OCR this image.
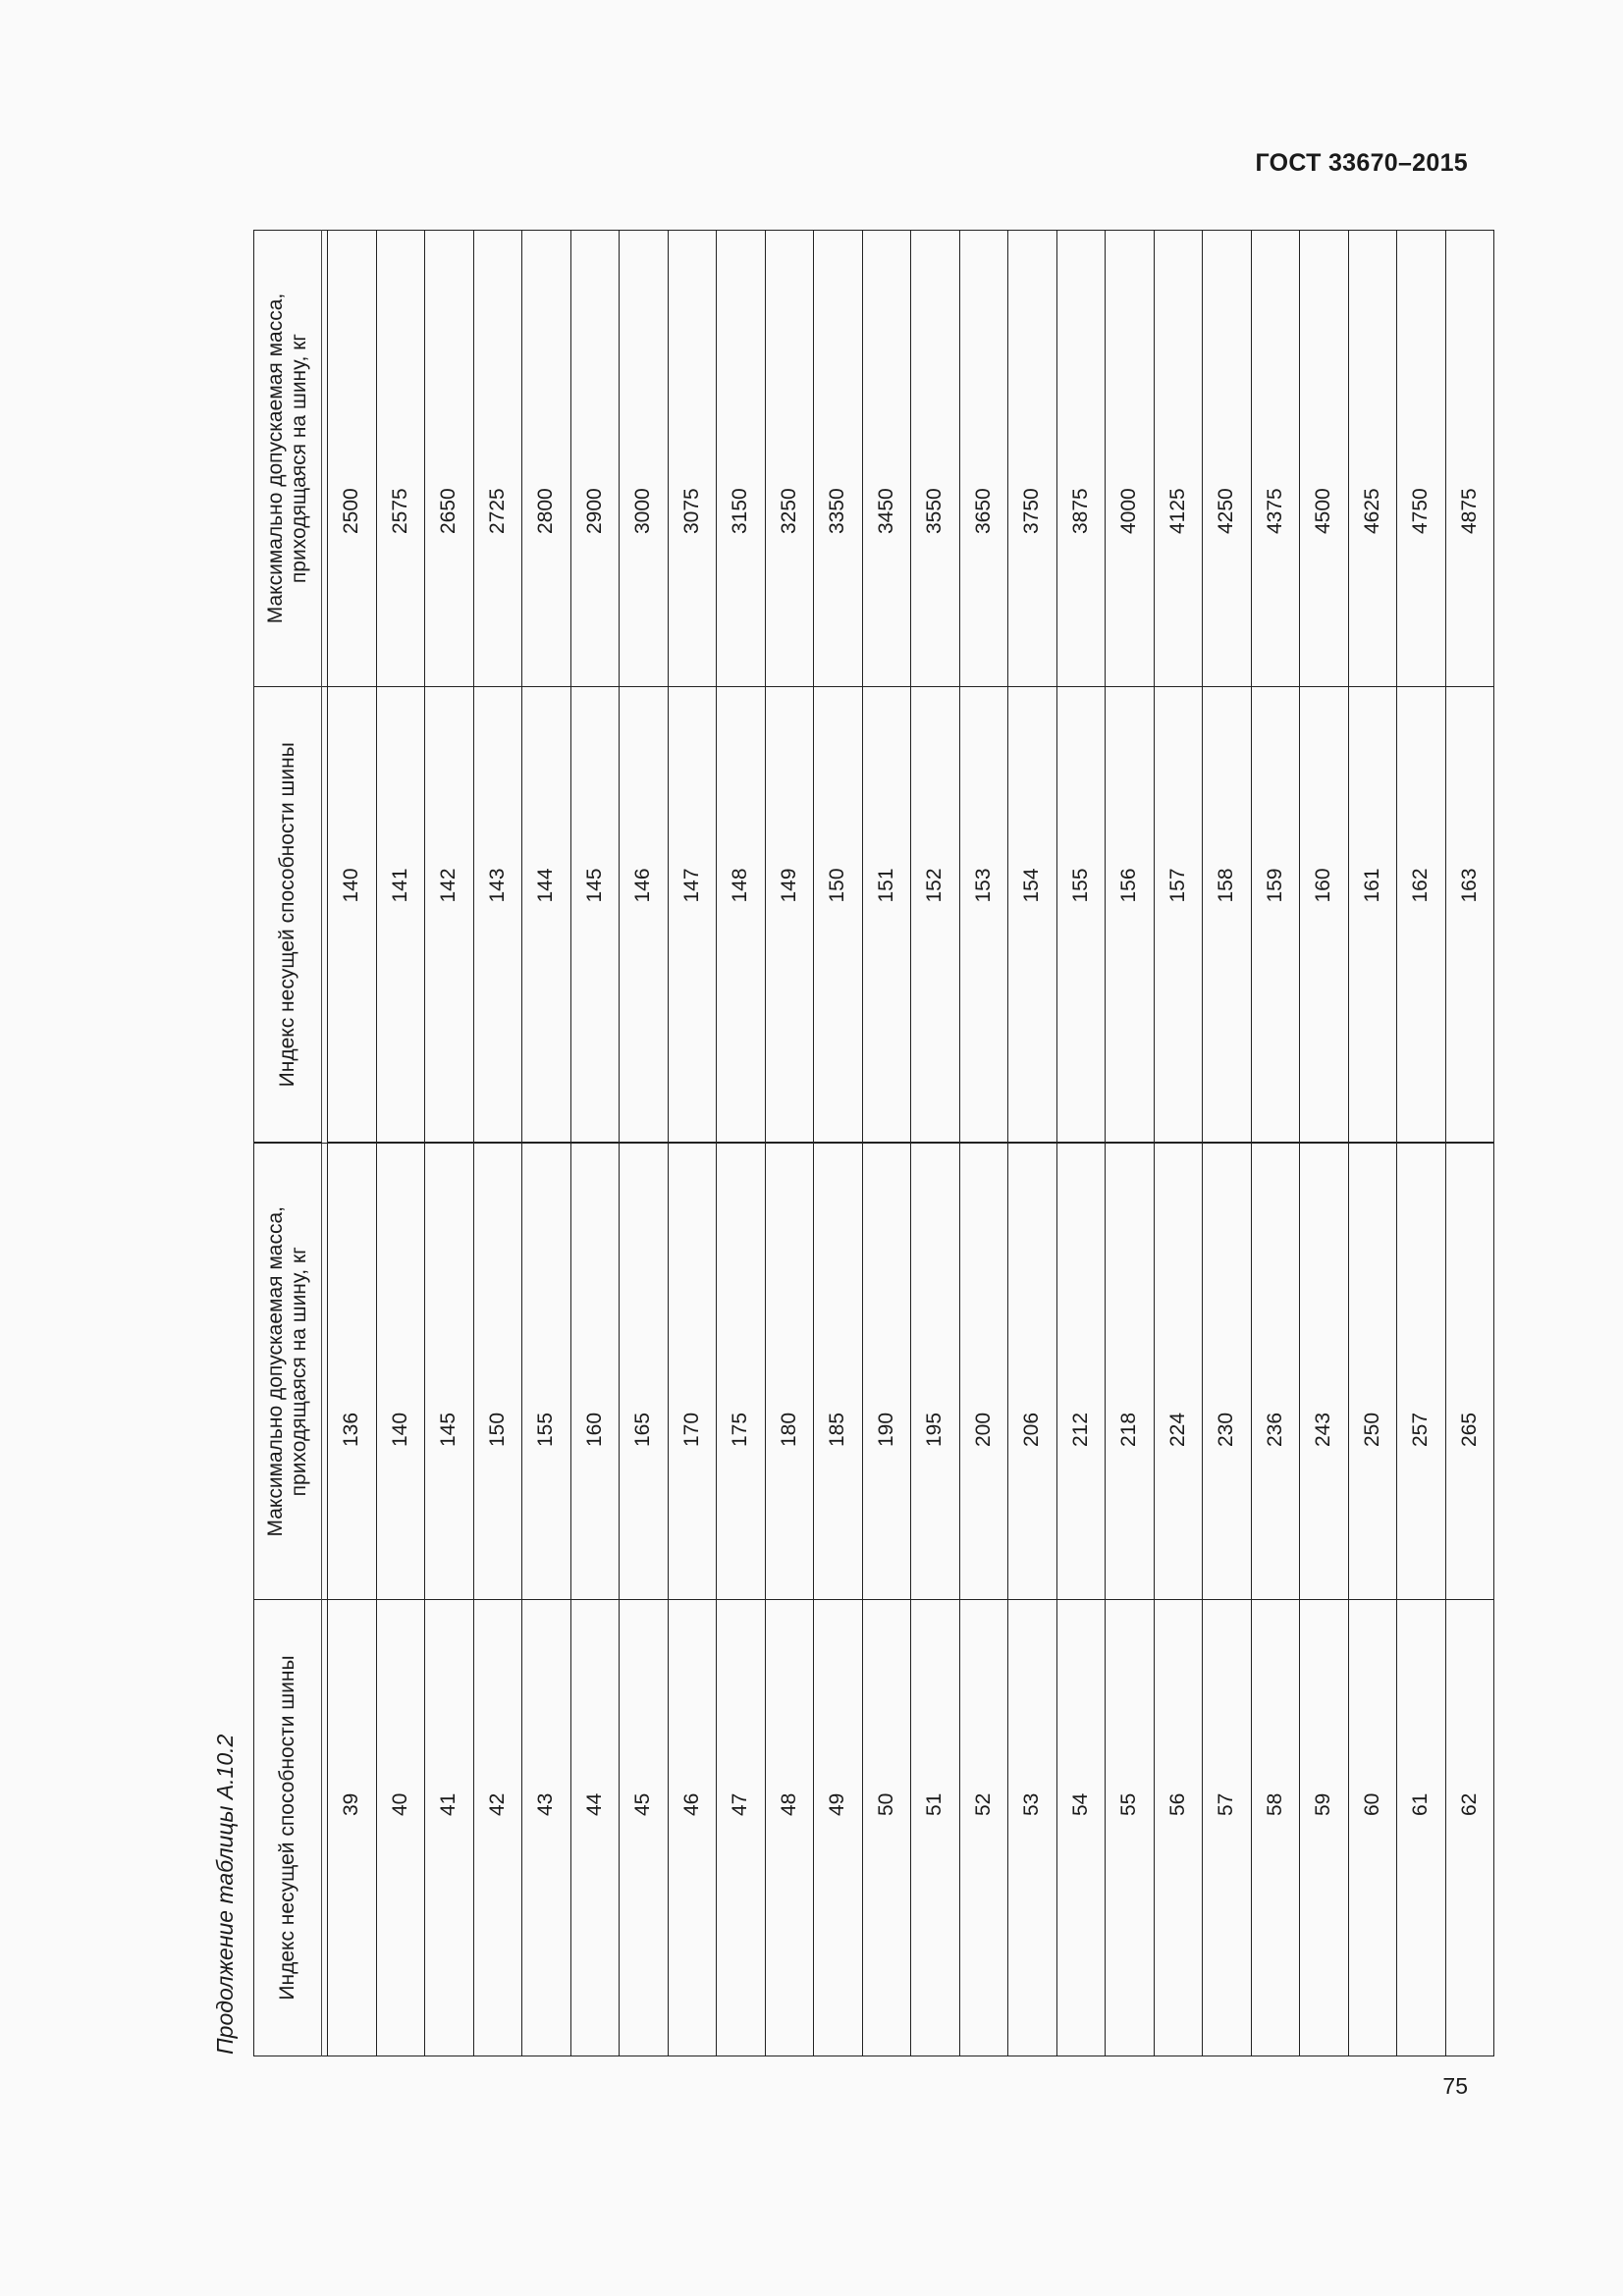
ГОСТ 33670–2015
Продолжение таблицы А.10.2	Индекс несущей способности шины	Максимально допускаемая масса, приходящаяся на шину, кг	Индекс несущей способности шины	Максимально допускаемая масса, приходящаяся на шину, кг

39	136	140	2500
40	140	141	2575
41	145	142	2650
42	150	143	2725
43	155	144	2800
44	160	145	2900
45	165	146	3000
46	170	147	3075
47	175	148	3150
48	180	149	3250
49	185	150	3350
50	190	151	3450
51	195	152	3550
52	200	153	3650
53	206	154	3750
54	212	155	3875
55	218	156	4000
56	224	157	4125
57	230	158	4250
58	236	159	4375
59	243	160	4500
60	250	161	4625
61	257	162	4750
62	265	163	4875
75
